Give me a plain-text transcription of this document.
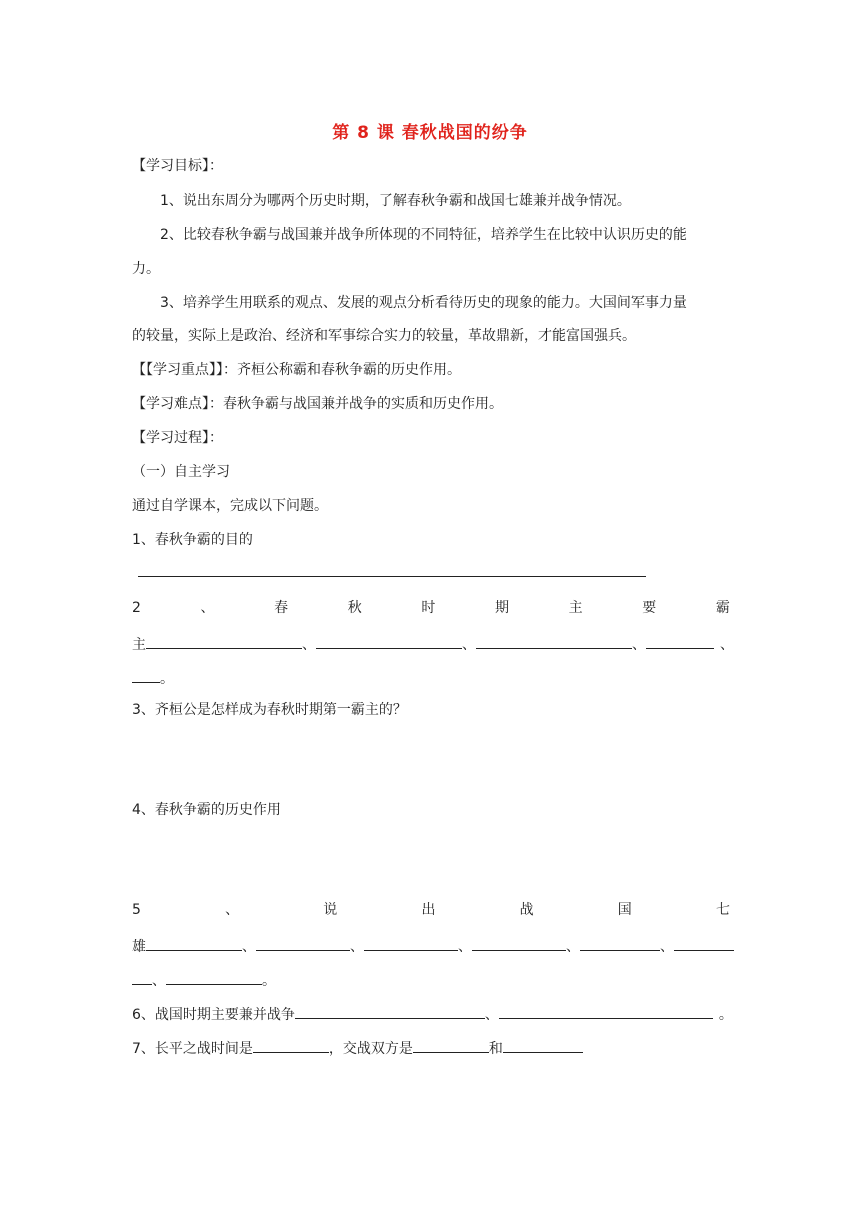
第 8 课 春秋战国的纷争
【学习目标】：
1、说出东周分为哪两个历史时期，了解春秋争霸和战国七雄兼并战争情况。
2、比较春秋争霸与战国兼并战争所体现的不同特征，培养学生在比较中认识历史的能
力。
3、培养学生用联系的观点、发展的观点分析看待历史的现象的能力。大国间军事力量
的较量，实际上是政治、经济和军事综合实力的较量，革故鼎新，才能富国强兵。
【【学习重点】】：齐桓公称霸和春秋争霸的历史作用。
【学习难点】：春秋争霸与战国兼并战争的实质和历史作用。
【学习过程】：
（一）自主学习
通过自学课本，完成以下问题。
1、春秋争霸的目的
2	、	春	秋	时	期	主	要	霸
主	、	、	、	、
。
3、齐桓公是怎样成为春秋时期第一霸主的？
4、春秋争霸的历史作用
5	、	说	出	战	国	七
雄	、	、	、	、	、
、	。
6、战国时期主要兼并战争	、	。
7、长平之战时间是	，交战双方是	和
